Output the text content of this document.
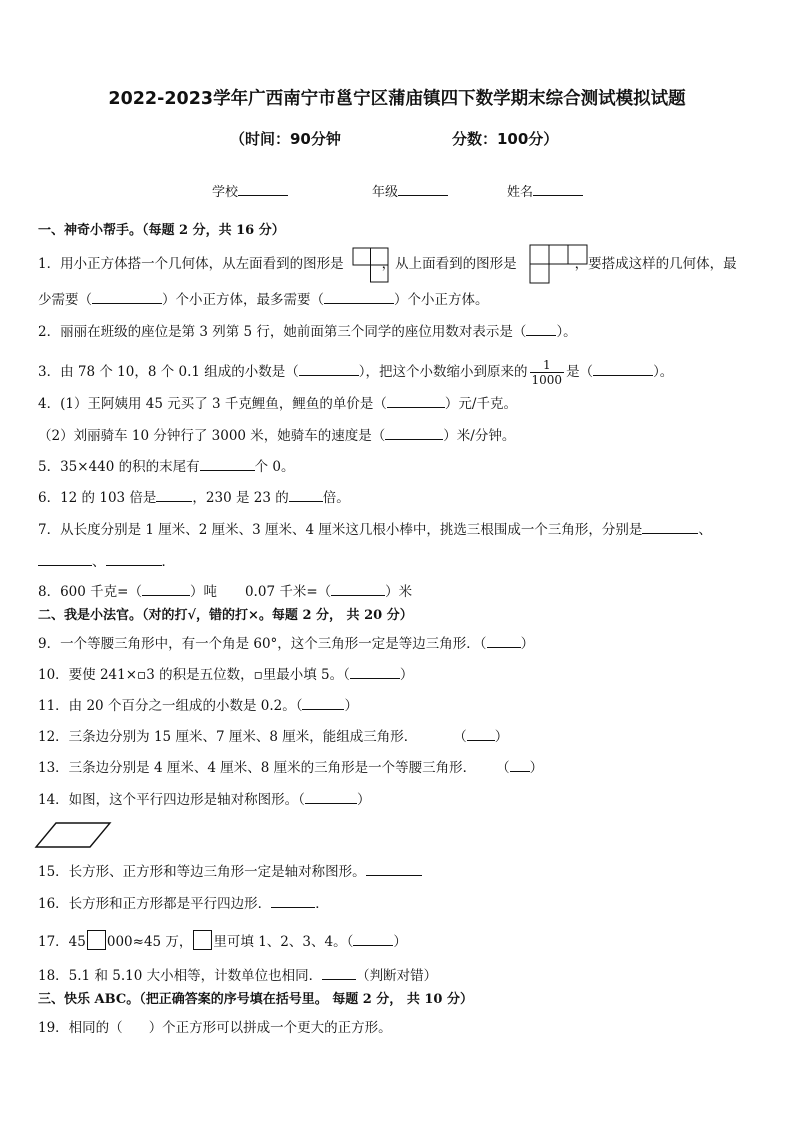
2022-2023学年广西南宁市邕宁区蒲庙镇四下数学期末综合测试模拟试题
（时间：90分钟	分数：100分）
学校	年级	姓名
一、神奇小帮手。（每题 2 分，共 16 分）
1．用小正方体搭一个几何体，从左面看到的图形是	，从上面看到的图形是	，要搭成这样的几何体，最
少需要（	）个小正方体，最多需要（	）个小正方体。
2．丽丽在班级的座位是第 3 列第 5 行，她前面第三个同学的座位用数对表示是（ ）。
3．由 78 个 10，8 个 0.1 组成的小数是（	），把这个小数缩小到原来的 $\frac{1}{1000}$ 是（	）。
4．(1）王阿姨用 45 元买了 3 千克鲤鱼，鲤鱼的单价是（	）元/千克。
（2）刘丽骑车 10 分钟行了 3000 米，她骑车的速度是（	）米/分钟。
5．35×440 的积的末尾有	个 0。
6．12 的 103 倍是	，230 是 23 的	倍。
7．从长度分别是 1 厘米、2 厘米、3 厘米、4 厘米这几根小棒中，挑选三根围成一个三角形，分别是	、
、	．
8．600 千克=（	）吨 0.07 千米=（	）米
二、我是小法官。（对的打√，错的打×。每题 2 分， 共 20 分）
9．一个等腰三角形中，有一个角是 60°，这个三角形一定是等边三角形．（	）
10．要使 241×▫3 的积是五位数，▫里最小填 5。（	）
11．由 20 个百分之一组成的小数是 0.2。（	）
12．三条边分别为 15 厘米、7 厘米、8 厘米，能组成三角形．	（ ）
13．三条边分别是 4 厘米、4 厘米、8 厘米的三角形是一个等腰三角形． （ ）
14．如图，这个平行四边形是轴对称图形。（	）
15．长方形、正方形和等边三角形一定是轴对称图形。
16．长方形和正方形都是平行四边形．	．
17．45 000≈45 万， 里可填 1、2、3、4。（	）
18．5.1 和 5.10 大小相等，计数单位也相同．	（判断对错）
三、快乐 ABC。（把正确答案的序号填在括号里。 每题 2 分， 共 10 分）
19．相同的（ ）个正方形可以拼成一个更大的正方形。
